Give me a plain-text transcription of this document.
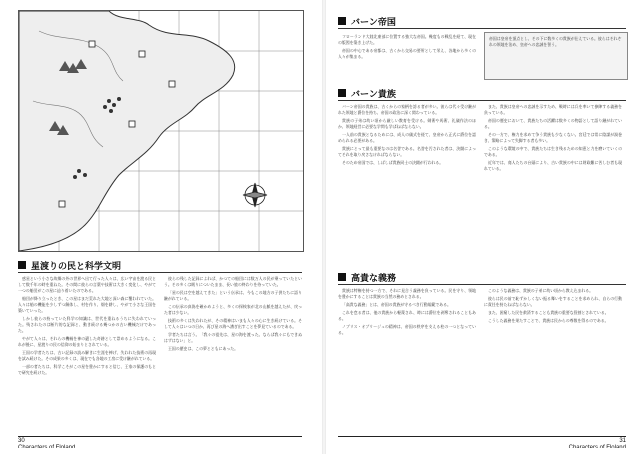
星渡りの民と科学文明

惑星という小さな故郷の外の世界へ出て行った人々は、広い宇宙を渡る民として数千年の時を重ねた。その間に彼らの言葉や技術は大きく変化し、やがて一つの船団がこの星に辿り着いたのである。

船団が降り立ったとき、この星はまだ荒れた大地と深い森に覆われていた。人々は船の機能を少しずつ解体し、村を作り、畑を耕し、やがて小さな王国を築いていった。

しかし彼らの持っていた科学の知識は、世代を重ねるうちに失われていった。残されたのは断片的な記録と、動き続ける幾つかの古い機械だけであった。

やがて人々は、それらの機械を神の遺した奇跡として崇めるようになる。これが後に、星渡りの民の信仰の始まりとされている。

王国の学者たちは、古い記録の読み解きに生涯を捧げ、失われた技術の再現を試み続けた。その成果の多くは、現在でも各地の工房に受け継がれている。

一部の者たちは、科学こそがこの星を豊かにすると信じ、王家の保護のもとで研究を続けた。

彼らの残した記録によれば、かつての船団には数万人の民が乗っていたという。その多くは眠りについたまま、長い旅の終わりを待っていた。

「星の民は空を越えてきた」という伝承は、今もこの地方の子供たちに語り継がれている。

この伝承の真偽を確かめようと、多くの探検家が北の山脈を越えたが、戻った者は少ない。

技術の多くは失われたが、その精神はいまも人々の心に生き続けている。そして人々はいつの日か、再び星の海へ漕ぎ出すことを夢見ているのである。

学者たちは言う。「我々の祖先は、星の海を渡った。ならば我々にもできぬはずはない」と。

王国の歴史は、この夢とともにあった。

30
Characters of Floland
バーン帝国

フローランド大陸北東部に位置する強大な帝国。幾度もの戦乱を経て、現在の版図を築き上げた。

帝国の中心である帝都は、古くから交易の要所として栄え、各地から多くの人々が集まる。

帝国は皇帝を頂点とし、その下に数多くの貴族が仕えている。彼らはそれぞれの領地を治め、皇帝への忠誠を誓う。
バーン貴族

バーン帝国の貴族は、古くからの家柄を誇る者が多い。彼らは代々受け継がれた領地と爵位を持ち、帝国の政治に深く関わっている。

貴族の子弟は幼い頃から厳しい教育を受ける。剣術や馬術、礼儀作法のほか、領地経営に必要な学問も学ばねばならない。

一人前の貴族となるためには、成人の儀式を経て、皇帝から正式に爵位を認められる必要がある。

貴族にとって最も重要なのは名誉である。名誉を汚された者は、決闘によってそれを取り戻さなければならない。

そのため帝国では、しばしば貴族同士の決闘が行われる。

また、貴族は皇帝への忠誠を示すため、戦時には兵を率いて参陣する義務を負っている。

帝国の歴史において、貴族たちの活躍は数多くの物語として語り継がれている。

その一方で、権力を求めて争う貴族も少なくない。宮廷では常に陰謀が渦巻き、策略によって失脚する者も多い。

このような環境の中で、貴族たちは生き残るための知恵と力を磨いていくのである。

近年では、商人たちの台頭により、古い貴族の中には財政難に苦しむ者も現れている。

高貴な義務

貴族は特権を持つ一方で、それに見合う義務を負っている。民を守り、領地を豊かにすることは貴族の当然の務めとされる。

「高貴な義務」とは、帝国の貴族が守るべき行動規範である。

これを怠る者は、他の貴族から軽蔑され、時には爵位を剥奪されることもある。

ノブリス・オブリージュの精神は、帝国の秩序を支える柱の一つとなっている。

このような義務は、貴族の子弟に幼い頃から教え込まれる。

彼らは民の前で恥ずかしくない振る舞いをすることを求められ、自らの行動に責任を持たねばならない。

また、困窮した民を救済することも貴族の重要な役割とされている。

こうした義務を果たすことで、貴族は民からの尊敬を得るのである。

31
Characters of Floland
